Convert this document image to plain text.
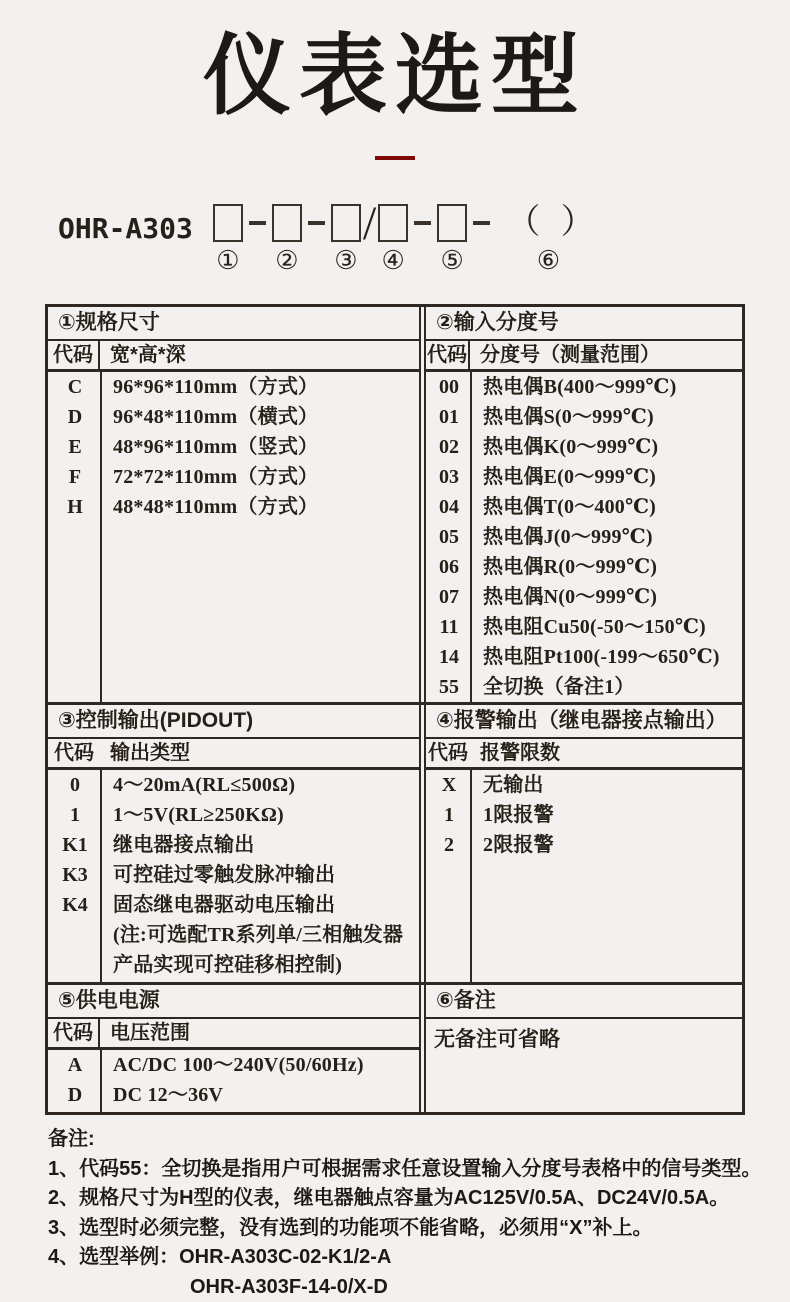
仪表选型
OHR-A303
① ② ③
/
④ ⑤
（ ）
⑥
①规格尺寸
代码 宽*高*深
C	96*96*110mm（方式）
D	96*48*110mm（横式）
E	48*96*110mm（竖式）
F	72*72*110mm（方式）
H	48*48*110mm（方式）
②输入分度号
代码 分度号（测量范围）
00	热电偶B(400～999℃)
01	热电偶S(0～999℃)
02	热电偶K(0～999℃)
03	热电偶E(0～999℃)
04	热电偶T(0～400℃)
05	热电偶J(0～999℃)
06	热电偶R(0～999℃)
07	热电偶N(0～999℃)
11	热电阻Cu50(-50～150℃)
14	热电阻Pt100(-199～650℃)
55	全切换（备注1）
③控制输出(PIDOUT)
代码 输出类型
0	4～20mA(RL≤500Ω)
1	1～5V(RL≥250KΩ)
K1	继电器接点输出
K3	可控硅过零触发脉冲输出
K4	固态继电器驱动电压输出
(注:可选配TR系列单/三相触发器
产品实现可控硅移相控制)
④报警输出（继电器接点输出）
代码 报警限数
X	无输出
1	1限报警
2	2限报警
⑤供电电源
代码 电压范围
A	AC/DC 100～240V(50/60Hz)
D	DC 12～36V
⑥备注
无备注可省略
备注:
1、代码55：全切换是指用户可根据需求任意设置输入分度号表格中的信号类型。
2、规格尺寸为H型的仪表，继电器触点容量为AC125V/0.5A、DC24V/0.5A。
3、选型时必须完整，没有选到的功能项不能省略，必须用“X”补上。
4、选型举例：OHR-A303C-02-K1/2-A
OHR-A303F-14-0/X-D
